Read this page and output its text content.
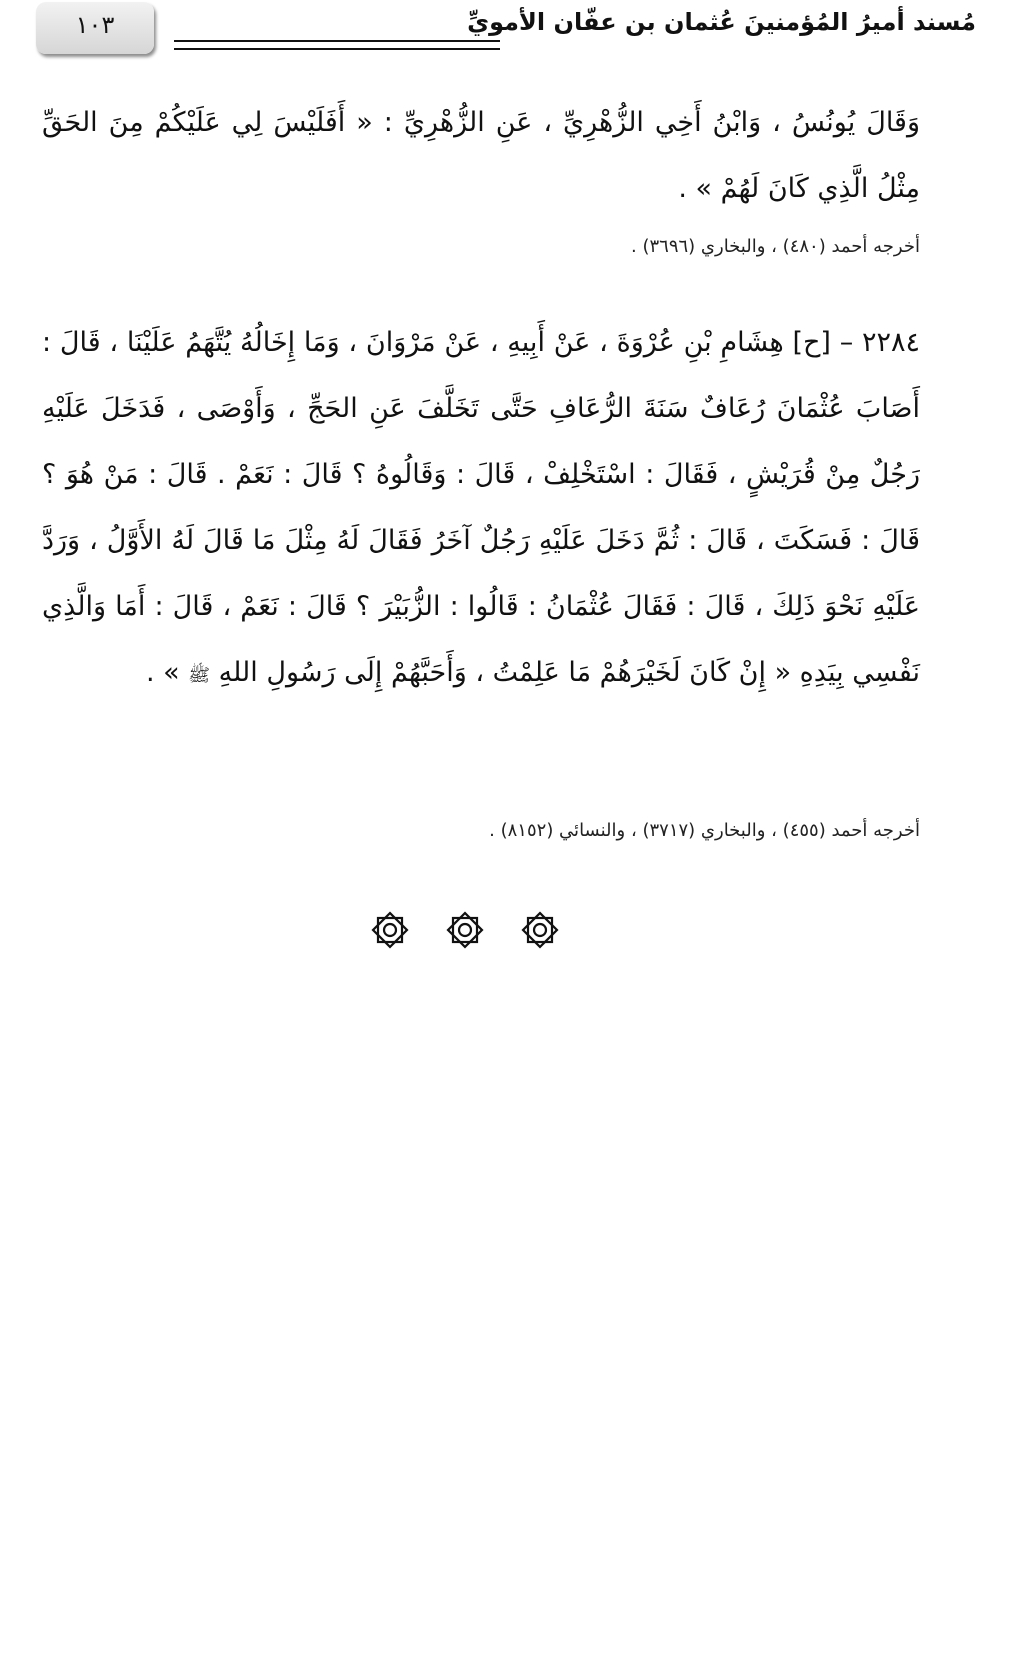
مُسند أميرُ المُؤمنينَ عُثمان بن عفّان الأمويِّ
١٠٣
وَقَالَ يُونُسُ ، وَابْنُ أَخِي الزُّهْرِيِّ ، عَنِ الزُّهْرِيِّ : « أَفَلَيْسَ لِي عَلَيْكُمْ مِنَ الحَقِّ مِثْلُ الَّذِي كَانَ لَهُمْ » .
أخرجه أحمد (٤٨٠) ، والبخاري (٣٦٩٦) .
٢٢٨٤ – [ح] هِشَامِ بْنِ عُرْوَةَ ، عَنْ أَبِيهِ ، عَنْ مَرْوَانَ ، وَمَا إِخَالُهُ يُتَّهَمُ عَلَيْنَا ، قَالَ : أَصَابَ عُثْمَانَ رُعَافٌ سَنَةَ الرُّعَافِ حَتَّى تَخَلَّفَ عَنِ الحَجِّ ، وَأَوْصَى ، فَدَخَلَ عَلَيْهِ رَجُلٌ مِنْ قُرَيْشٍ ، فَقَالَ : اسْتَخْلِفْ ، قَالَ : وَقَالُوهُ ؟ قَالَ : نَعَمْ . قَالَ : مَنْ هُوَ ؟ قَالَ : فَسَكَتَ ، قَالَ : ثُمَّ دَخَلَ عَلَيْهِ رَجُلٌ آخَرُ فَقَالَ لَهُ مِثْلَ مَا قَالَ لَهُ الأَوَّلُ ، وَرَدَّ عَلَيْهِ نَحْوَ ذَلِكَ ، قَالَ : فَقَالَ عُثْمَانُ : قَالُوا : الزُّبَيْرَ ؟ قَالَ : نَعَمْ ، قَالَ : أَمَا وَالَّذِي نَفْسِي بِيَدِهِ « إِنْ كَانَ لَخَيْرَهُمْ مَا عَلِمْتُ ، وَأَحَبَّهُمْ إِلَى رَسُولِ اللهِ ﷺ » .
أخرجه أحمد (٤٥٥) ، والبخاري (٣٧١٧) ، والنسائي (٨١٥٢) .
